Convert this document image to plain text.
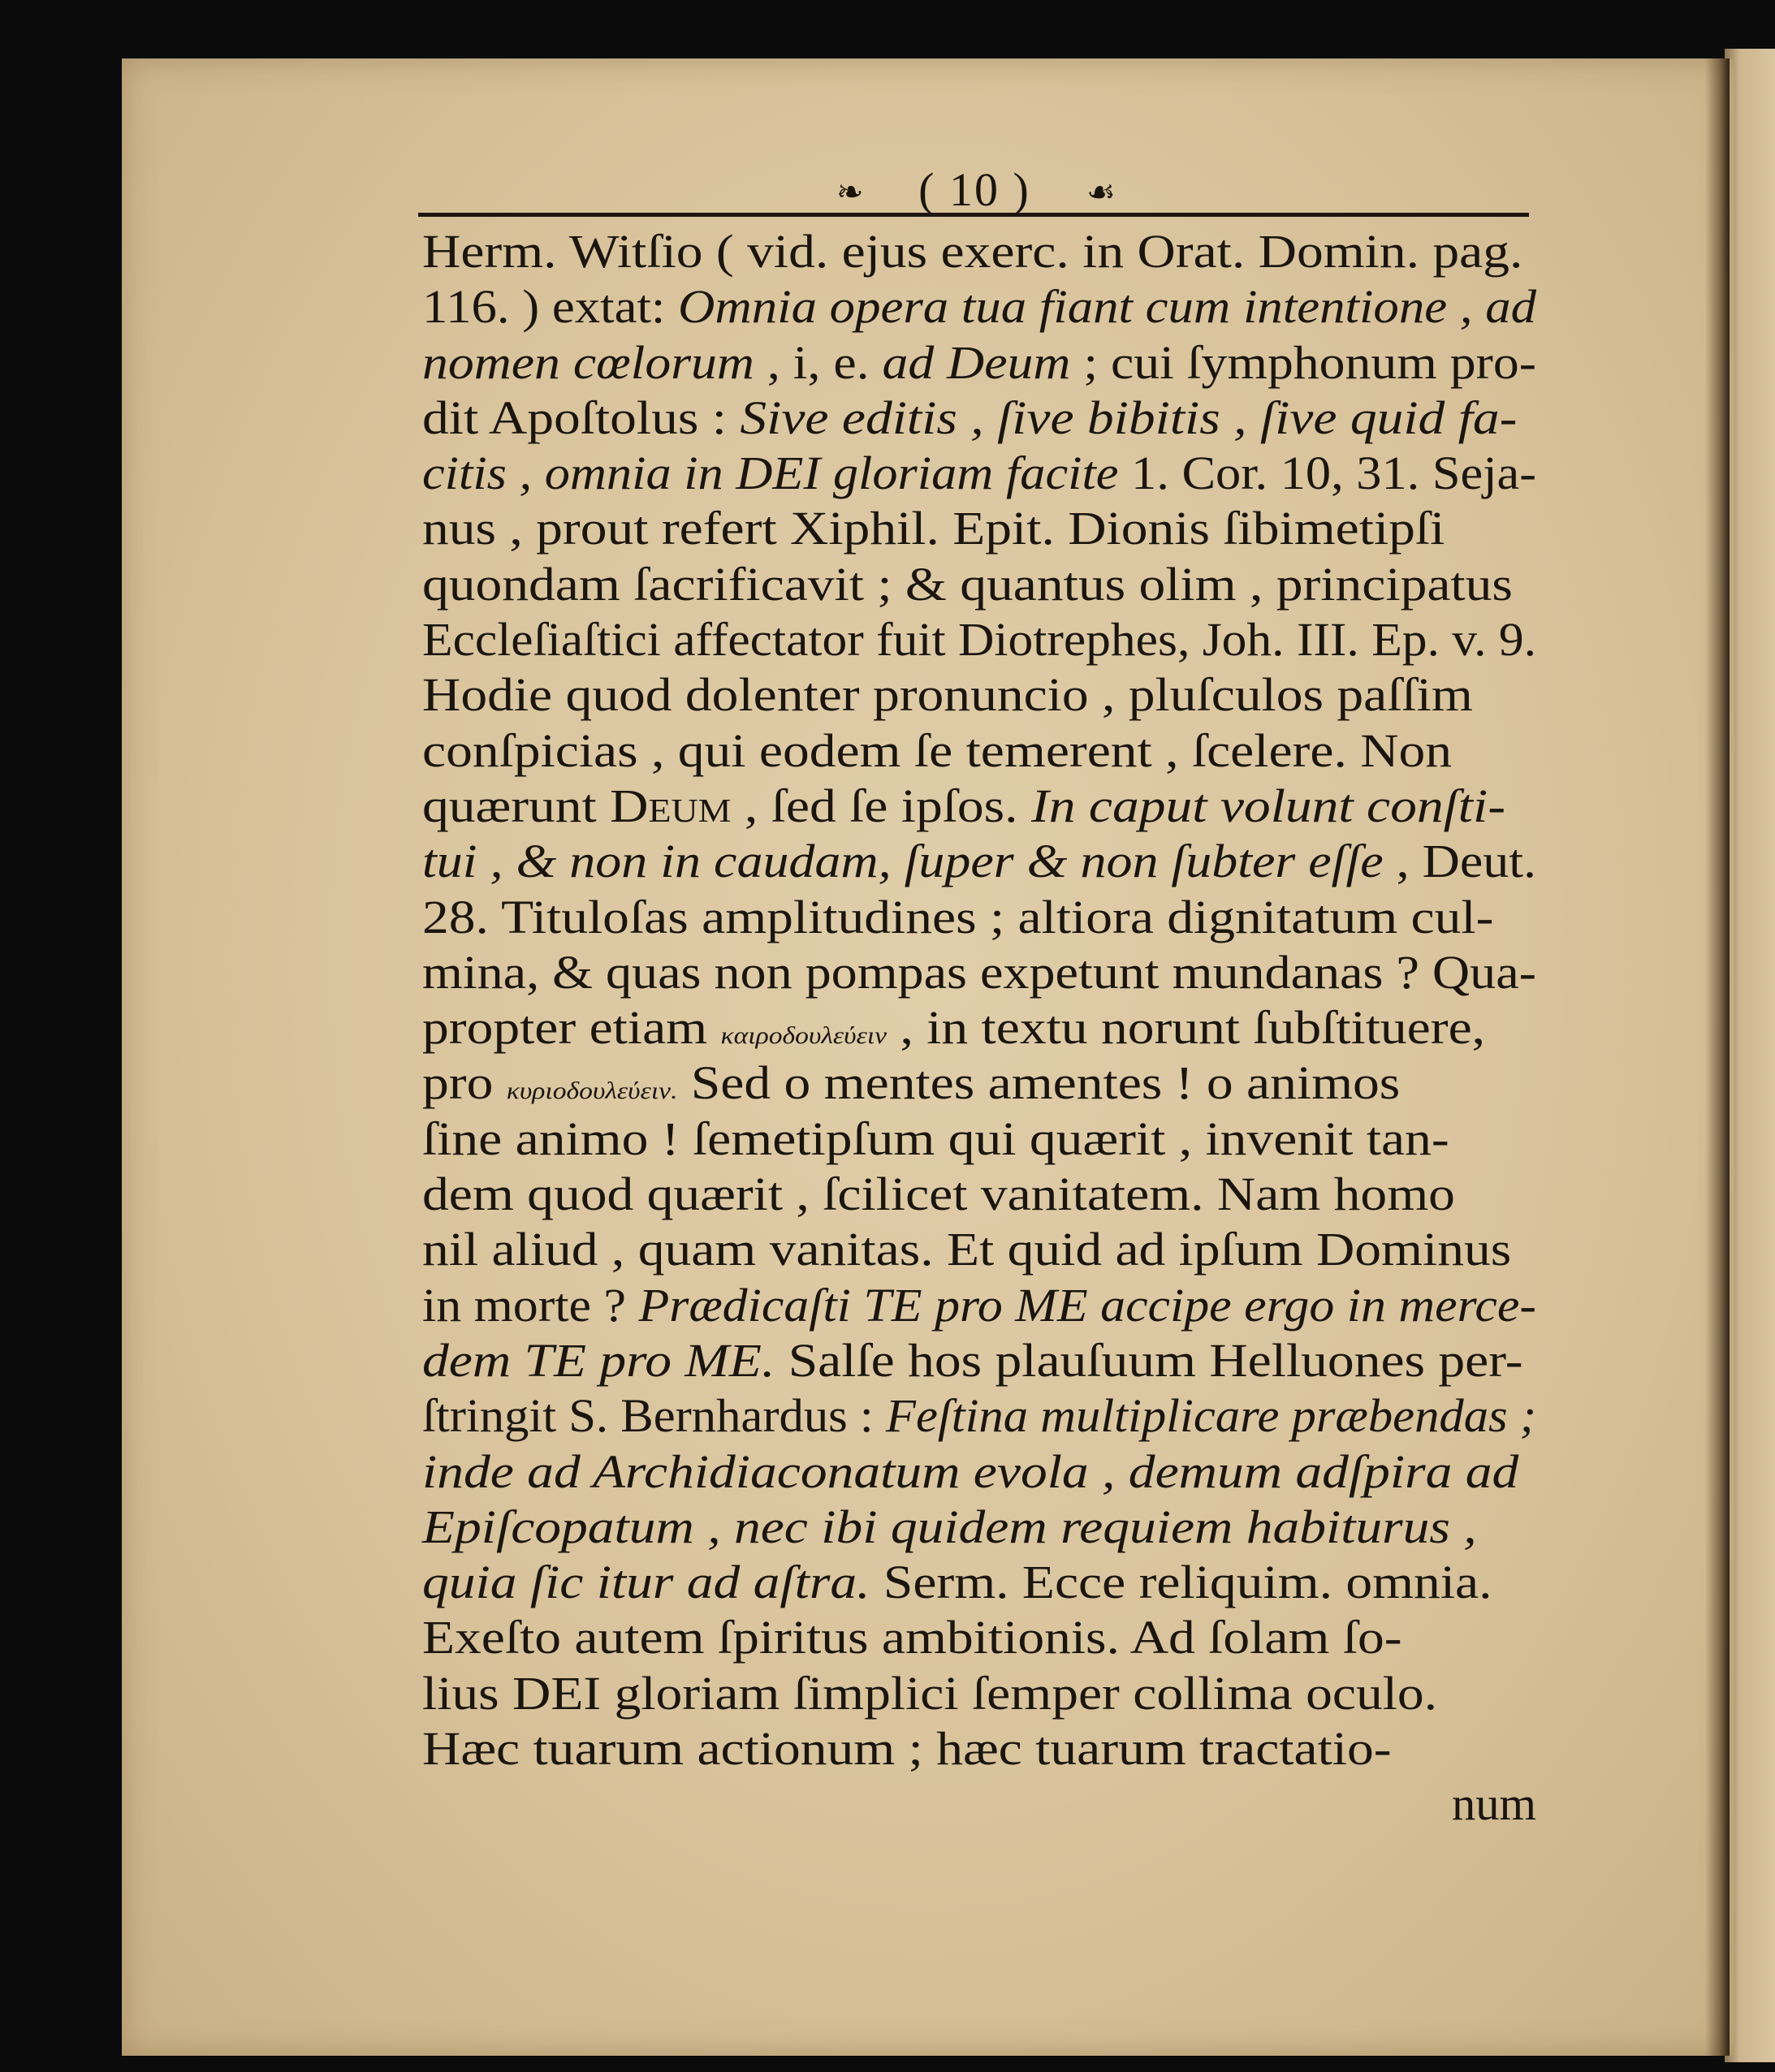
❧	( 10 )	☙
Herm. Witſio ( vid. ejus exerc. in Orat. Domin. pag.
116. ) extat: Omnia opera tua fiant cum intentione , ad
nomen cœlorum , i, e. ad Deum ; cui ſymphonum pro-
dit Apoſtolus : Sive editis , ſive bibitis , ſive quid fa-
citis , omnia in DEI gloriam facite 1. Cor. 10, 31. Seja-
nus , prout refert Xiphil. Epit. Dionis ſibimetipſi
quondam ſacrificavit ; & quantus olim , principatus
Eccleſiaſtici affectator fuit Diotrephes, Joh. III. Ep. v. 9.
Hodie quod dolenter pronuncio , pluſculos paſſim
conſpicias , qui eodem ſe temerent , ſcelere. Non
quærunt Deum , ſed ſe ipſos. In caput volunt conſti-
tui , & non in caudam, ſuper & non ſubter eſſe , Deut.
28. Tituloſas amplitudines ; altiora dignitatum cul-
mina, & quas non pompas expetunt mundanas ? Qua-
propter etiam καιροδουλεύειν , in textu norunt ſubſtituere,
pro κυριοδουλεύειν. Sed o mentes amentes ! o animos
ſine animo ! ſemetipſum qui quærit , invenit tan-
dem quod quærit , ſcilicet vanitatem. Nam homo
nil aliud , quam vanitas. Et quid ad ipſum Dominus
in morte ? Prædicaſti TE pro ME accipe ergo in merce-
dem TE pro ME. Salſe hos plauſuum Helluones per-
ſtringit S. Bernhardus : Feſtina multiplicare præbendas ;
inde ad Archidiaconatum evola , demum adſpira ad
Epiſcopatum , nec ibi quidem requiem habiturus ,
quia ſic itur ad aſtra. Serm. Ecce reliquim. omnia.
Exeſto autem ſpiritus ambitionis. Ad ſolam ſo-
lius DEI gloriam ſimplici ſemper collima oculo.
Hæc tuarum actionum ; hæc tuarum tractatio-
num
